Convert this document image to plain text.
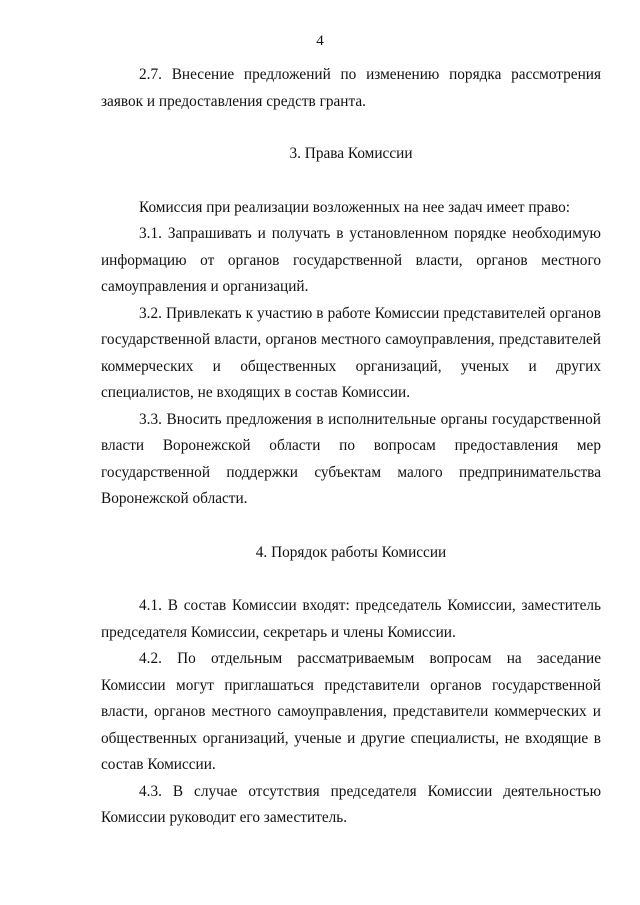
4

2.7. Внесение предложений по изменению порядка рассмотрения заявок и предоставления средств гранта.

3. Права Комиссии

Комиссия при реализации возложенных на нее задач имеет право:

3.1. Запрашивать и получать в установленном порядке необходимую информацию от органов государственной власти, органов местного самоуправления и организаций.

3.2. Привлекать к участию в работе Комиссии представителей органов государственной власти, органов местного самоуправления, представителей коммерческих и общественных организаций, ученых и других специалистов, не входящих в состав Комиссии.

3.3. Вносить предложения в исполнительные органы государственной власти Воронежской области по вопросам предоставления мер государственной поддержки субъектам малого предпринимательства Воронежской области.

4. Порядок работы Комиссии

4.1. В состав Комиссии входят: председатель Комиссии, заместитель председателя Комиссии, секретарь и члены Комиссии.

4.2. По отдельным рассматриваемым вопросам на заседание Комиссии могут приглашаться представители органов государственной власти, органов местного самоуправления, представители коммерческих и общественных организаций, ученые и другие специалисты, не входящие в состав Комиссии.

4.3. В случае отсутствия председателя Комиссии деятельностью Комиссии руководит его заместитель.
